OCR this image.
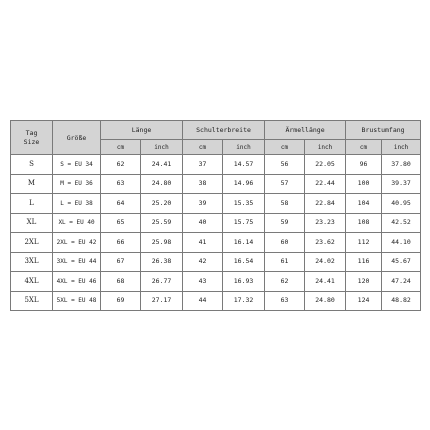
Tag
Size	Größe	Länge		Schulterbreite		Ärmellänge		Brustumfang	
		cm	inch	cm	inch	cm	inch	cm	inch
S	S = EU 34	62	24.41	37	14.57	56	22.05	96	37.80
M	M = EU 36	63	24.80	38	14.96	57	22.44	100	39.37
L	L = EU 38	64	25.20	39	15.35	58	22.84	104	40.95
XL	XL = EU 40	65	25.59	40	15.75	59	23.23	108	42.52
2XL	2XL = EU 42	66	25.98	41	16.14	60	23.62	112	44.10
3XL	3XL = EU 44	67	26.38	42	16.54	61	24.02	116	45.67
4XL	4XL = EU 46	68	26.77	43	16.93	62	24.41	120	47.24
5XL	5XL = EU 48	69	27.17	44	17.32	63	24.80	124	48.82
